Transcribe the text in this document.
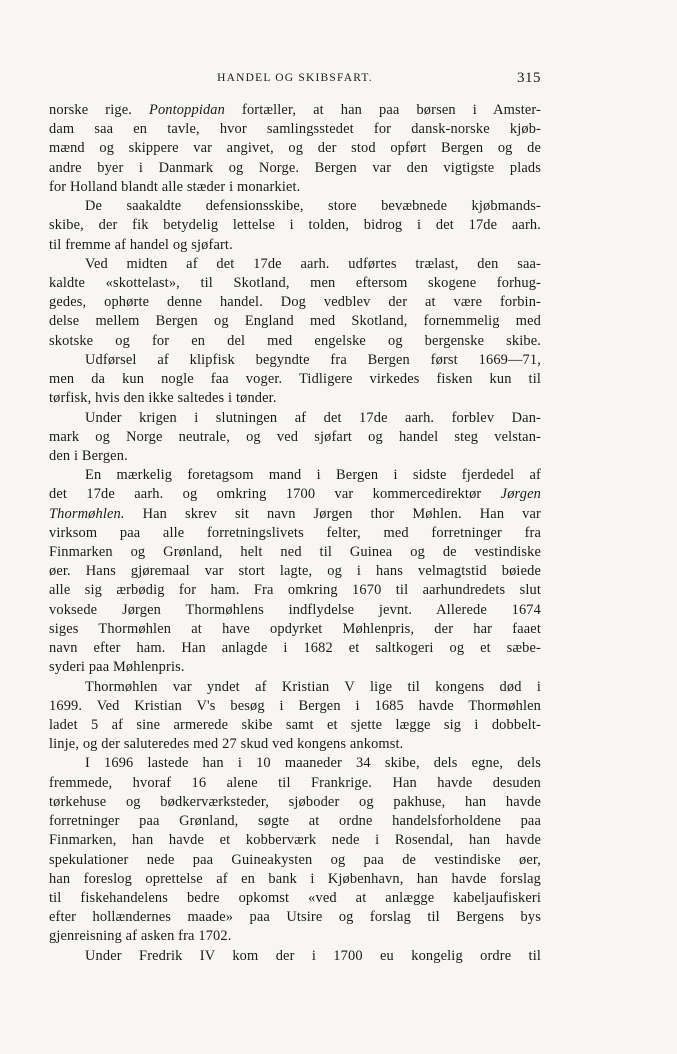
HANDEL OG SKIBSFART.	315
norske rige. Pontoppidan fortæller, at han paa børsen i Amster-
dam saa en tavle, hvor samlingsstedet for dansk-norske kjøb-
mænd og skippere var angivet, og der stod opført Bergen og de
andre byer i Danmark og Norge. Bergen var den vigtigste plads
for Holland blandt alle stæder i monarkiet.
De saakaldte defensionsskibe, store bevæbnede kjøbmands-
skibe, der fik betydelig lettelse i tolden, bidrog i det 17de aarh.
til fremme af handel og sjøfart.
Ved midten af det 17de aarh. udførtes trælast, den saa-
kaldte «skottelast», til Skotland, men eftersom skogene forhug-
gedes, ophørte denne handel. Dog vedblev der at være forbin-
delse mellem Bergen og England med Skotland, fornemmelig med
skotske og for en del med engelske og bergenske skibe.
Udførsel af klipfisk begyndte fra Bergen først 1669—71,
men da kun nogle faa voger. Tidligere virkedes fisken kun til
tørfisk, hvis den ikke saltedes i tønder.
Under krigen i slutningen af det 17de aarh. forblev Dan-
mark og Norge neutrale, og ved sjøfart og handel steg velstan-
den i Bergen.
En mærkelig foretagsom mand i Bergen i sidste fjerdedel af
det 17de aarh. og omkring 1700 var kommercedirektør Jørgen
Thormøhlen. Han skrev sit navn Jørgen thor Møhlen. Han var
virksom paa alle forretningslivets felter, med forretninger fra
Finmarken og Grønland, helt ned til Guinea og de vestindiske
øer. Hans gjøremaal var stort lagte, og i hans velmagtstid bøiede
alle sig ærbødig for ham. Fra omkring 1670 til aarhundredets slut
voksede Jørgen Thormøhlens indflydelse jevnt. Allerede 1674
siges Thormøhlen at have opdyrket Møhlenpris, der har faaet
navn efter ham. Han anlagde i 1682 et saltkogeri og et sæbe-
syderi paa Møhlenpris.
Thormøhlen var yndet af Kristian V lige til kongens død i
1699. Ved Kristian V's besøg i Bergen i 1685 havde Thormøhlen
ladet 5 af sine armerede skibe samt et sjette lægge sig i dobbelt-
linje, og der saluteredes med 27 skud ved kongens ankomst.
I 1696 lastede han i 10 maaneder 34 skibe, dels egne, dels
fremmede, hvoraf 16 alene til Frankrige. Han havde desuden
tørkehuse og bødkerværksteder, sjøboder og pakhuse, han havde
forretninger paa Grønland, søgte at ordne handelsforholdene paa
Finmarken, han havde et kobberværk nede i Rosendal, han havde
spekulationer nede paa Guineakysten og paa de vestindiske øer,
han foreslog oprettelse af en bank i Kjøbenhavn, han havde forslag
til fiskehandelens bedre opkomst «ved at anlægge kabeljaufiskeri
efter hollændernes maade» paa Utsire og forslag til Bergens bys
gjenreisning af asken fra 1702.
Under Fredrik IV kom der i 1700 eu kongelig ordre til
